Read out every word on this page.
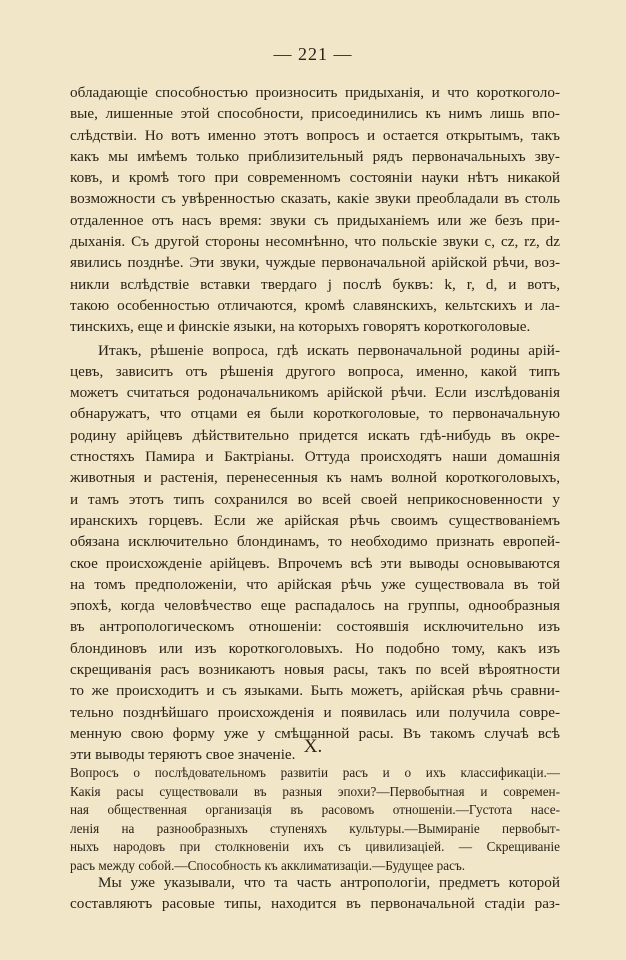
— 221 —
обладающіе способностью произносить придыханія, и что короткоголо-
вые, лишенные этой способности, присоединились къ нимъ лишь впо-
слѣдствіи. Но вотъ именно этотъ вопросъ и остается открытымъ, такъ
какъ мы имѣемъ только приблизительный рядъ первоначальныхъ зву-
ковъ, и кромѣ того при современномъ состояніи науки нѣтъ никакой
возможности съ увѣренностью сказать, какіе звуки преобладали въ столь
отдаленное отъ насъ время: звуки съ придыханіемъ или же безъ при-
дыханія. Съ другой стороны несомнѣнно, что польскіе звуки c, cz, rz, dz
явились позднѣе. Эти звуки, чуждые первоначальной арійской рѣчи, воз-
никли вслѣдствіе вставки твердаго j послѣ буквъ: k, r, d, и вотъ,
такою особенностью отличаются, кромѣ славянскихъ, кельтскихъ и ла-
тинскихъ, еще и финскіе языки, на которыхъ говорятъ короткоголовые.
Итакъ, рѣшеніе вопроса, гдѣ искать первоначальной родины арій-
цевъ, зависитъ отъ рѣшенія другого вопроса, именно, какой типъ
можетъ считаться родоначальникомъ арійской рѣчи. Если изслѣдованія
обнаружатъ, что отцами ея были короткоголовые, то первоначальную
родину арійцевъ дѣйствительно придется искать гдѣ-нибудь въ окре-
стностяхъ Памира и Бактріаны. Оттуда происходятъ наши домашнія
животныя и растенія, перенесенныя къ намъ волной короткоголовыхъ,
и тамъ этотъ типъ сохранился во всей своей неприкосновенности у
иранскихъ горцевъ. Если же арійская рѣчь своимъ существованіемъ
обязана исключительно блондинамъ, то необходимо признать европей-
ское происхожденіе арійцевъ. Впрочемъ всѣ эти выводы основываются
на томъ предположеніи, что арійская рѣчь уже существовала въ той
эпохѣ, когда человѣчество еще распадалось на группы, однообразныя
въ антропологическомъ отношеніи: состоявшія исключительно изъ
блондиновъ или изъ короткоголовыхъ. Но подобно тому, какъ изъ
скрещиванія расъ возникаютъ новыя расы, такъ по всей вѣроятности
то же происходитъ и съ языками. Быть можетъ, арійская рѣчь сравни-
тельно позднѣйшаго происхожденія и появилась или получила совре-
менную свою форму уже у смѣшанной расы. Въ такомъ случаѣ всѣ
эти выводы теряютъ свое значеніе. X.
Вопросъ о послѣдовательномъ развитіи расъ и о ихъ классификаціи.—
Какія расы существовали въ разныя эпохи?—Первобытная и современ-
ная общественная организація въ расовомъ отношеніи.—Густота насе-
ленія на разнообразныхъ ступеняхъ культуры.—Вымираніе первобыт-
ныхъ народовъ при столкновеніи ихъ съ цивилизаціей. — Скрещиваніе
расъ между собой.—Способность къ акклиматизаціи.—Будущее расъ.
Мы уже указывали, что та часть антропологіи, предметъ которой
составляютъ расовые типы, находится въ первоначальной стадіи раз-
